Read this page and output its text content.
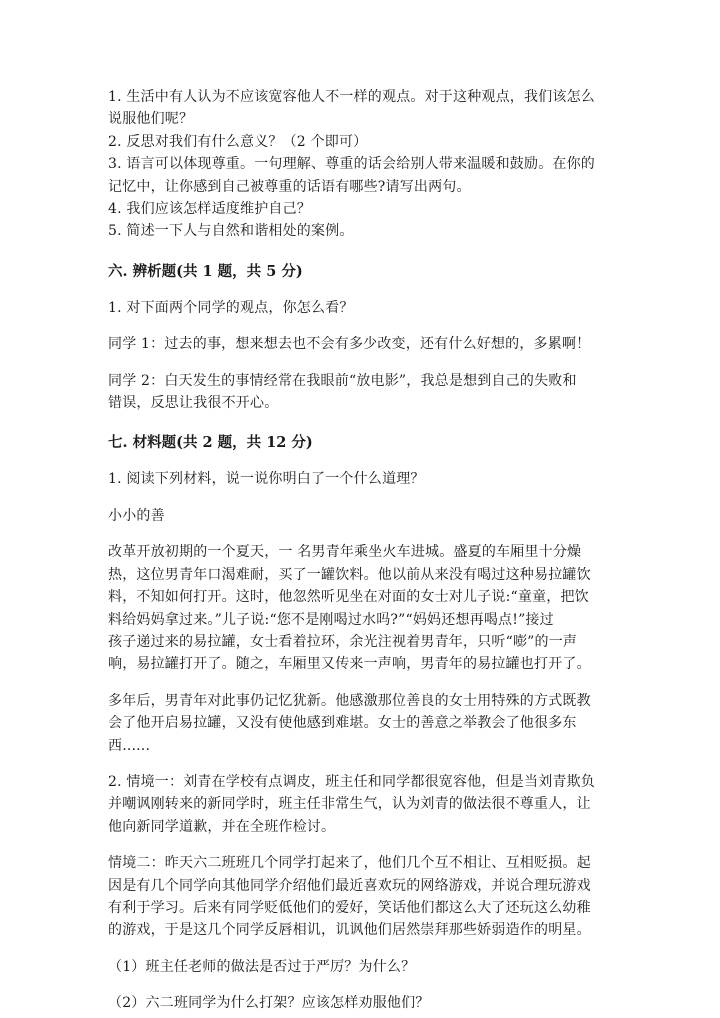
1. 生活中有人认为不应该宽容他人不一样的观点。对于这种观点，我们该怎么
说服他们呢？
2. 反思对我们有什么意义？（2 个即可）
3. 语言可以体现尊重。一句理解、尊重的话会给别人带来温暖和鼓励。在你的
记忆中，让你感到自己被尊重的话语有哪些?请写出两句。
4. 我们应该怎样适度维护自己？
5. 简述一下人与自然和谐相处的案例。
六. 辨析题(共 1 题，共 5 分)
1. 对下面两个同学的观点，你怎么看？
同学 1：过去的事，想来想去也不会有多少改变，还有什么好想的，多累啊！
同学 2：白天发生的事情经常在我眼前“放电影”，我总是想到自己的失败和
错误，反思让我很不开心。
七. 材料题(共 2 题，共 12 分)
1. 阅读下列材料，说一说你明白了一个什么道理？
小小的善
改革开放初期的一个夏天，一 名男青年乘坐火车进城。盛夏的车厢里十分燥
热，这位男青年口渴难耐，买了一罐饮料。他以前从来没有喝过这种易拉罐饮
料，不知如何打开。这时，他忽然听见坐在对面的女士对儿子说:“童童，把饮
料给妈妈拿过来。”儿子说:“您不是刚喝过水吗?”“妈妈还想再喝点!”接过
孩子递过来的易拉罐，女士看着拉环，余光注视着男青年，只听“嘭”的一声
响，易拉罐打开了。随之，车厢里又传来一声响，男青年的易拉罐也打开了。
多年后，男青年对此事仍记忆犹新。他感激那位善良的女士用特殊的方式既教
会了他开启易拉罐，又没有使他感到难堪。女士的善意之举教会了他很多东
西......
2. 情境一：刘青在学校有点调皮，班主任和同学都很宽容他，但是当刘青欺负
并嘲讽刚转来的新同学时，班主任非常生气，认为刘青的做法很不尊重人，让
他向新同学道歉，并在全班作检讨。
情境二：昨天六二班班几个同学打起来了，他们几个互不相让、互相贬损。起
因是有几个同学向其他同学介绍他们最近喜欢玩的网络游戏，并说合理玩游戏
有利于学习。后来有同学贬低他们的爱好，笑话他们都这么大了还玩这么幼稚
的游戏，于是这几个同学反唇相讥，讥讽他们居然崇拜那些娇弱造作的明星。
（1）班主任老师的做法是否过于严厉？为什么？
（2）六二班同学为什么打架？应该怎样劝服他们？
